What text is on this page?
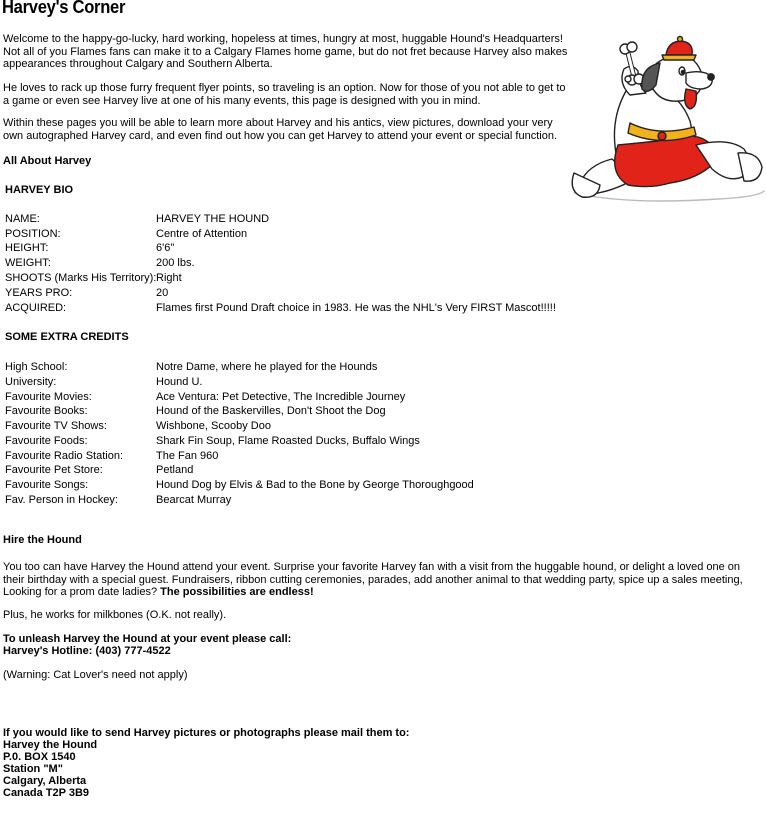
Harvey's Corner
Welcome to the happy-go-lucky, hard working, hopeless at times, hungry at most, huggable Hound's Headquarters! Not all of you Flames fans can make it to a Calgary Flames home game, but do not fret because Harvey also makes appearances throughout Calgary and Southern Alberta.
He loves to rack up those furry frequent flyer points, so traveling is an option. Now for those of you not able to get to a game or even see Harvey live at one of his many events, this page is designed with you in mind.
Within these pages you will be able to learn more about Harvey and his antics, view pictures, download your very own autographed Harvey card, and even find out how you can get Harvey to attend your event or special function.
All About Harvey
HARVEY BIO
NAME:	HARVEY THE HOUND
POSITION:	Centre of Attention
HEIGHT:	6'6"
WEIGHT:	200 lbs.
SHOOTS (Marks His Territory): Right
YEARS PRO:	20
ACQUIRED:	Flames first Pound Draft choice in 1983. He was the NHL's Very FIRST Mascot!!!!!
SOME EXTRA CREDITS
High School:	Notre Dame, where he played for the Hounds
University:	Hound U.
Favourite Movies:	Ace Ventura: Pet Detective, The Incredible Journey
Favourite Books:	Hound of the Baskervilles, Don't Shoot the Dog
Favourite TV Shows:	Wishbone, Scooby Doo
Favourite Foods:	Shark Fin Soup, Flame Roasted Ducks, Buffalo Wings
Favourite Radio Station:	The Fan 960
Favourite Pet Store:	Petland
Favourite Songs:	Hound Dog by Elvis & Bad to the Bone by George Thoroughgood
Fav. Person in Hockey:	Bearcat Murray
Hire the Hound
You too can have Harvey the Hound attend your event. Surprise your favorite Harvey fan with a visit from the huggable hound, or delight a loved one on their birthday with a special guest. Fundraisers, ribbon cutting ceremonies, parades, add another animal to that wedding party, spice up a sales meeting, Looking for a prom date ladies? The possibilities are endless!
Plus, he works for milkbones (O.K. not really).
To unleash Harvey the Hound at your event please call:
Harvey's Hotline: (403) 777-4522
(Warning: Cat Lover's need not apply)
If you would like to send Harvey pictures or photographs please mail them to:
Harvey the Hound
P.0. BOX 1540
Station "M"
Calgary, Alberta
Canada T2P 3B9
